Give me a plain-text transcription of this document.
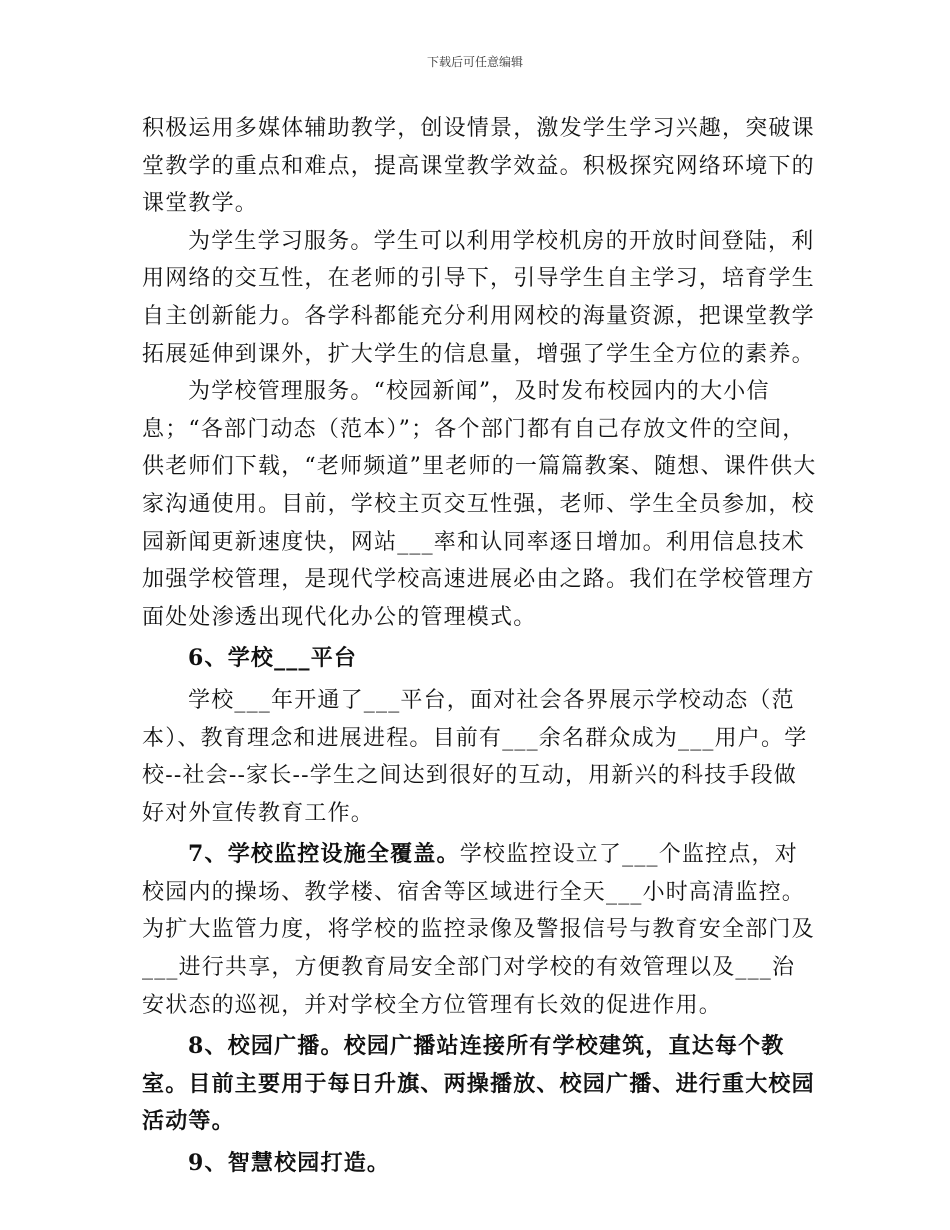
下载后可任意编辑

积极运用多媒体辅助教学，创设情景，激发学生学习兴趣，突破课堂教学的重点和难点，提高课堂教学效益。积极探究网络环境下的课堂教学。

为学生学习服务。学生可以利用学校机房的开放时间登陆，利用网络的交互性，在老师的引导下，引导学生自主学习，培育学生自主创新能力。各学科都能充分利用网校的海量资源，把课堂教学拓展延伸到课外，扩大学生的信息量，增强了学生全方位的素养。

为学校管理服务。“校园新闻”，及时发布校园内的大小信息；“各部门动态（范本）”；各个部门都有自己存放文件的空间，供老师们下载，“老师频道”里老师的一篇篇教案、随想、课件供大家沟通使用。目前，学校主页交互性强，老师、学生全员参加，校园新闻更新速度快，网站___率和认同率逐日增加。利用信息技术加强学校管理，是现代学校高速进展必由之路。我们在学校管理方面处处渗透出现代化办公的管理模式。

6、学校___平台

学校___年开通了___平台，面对社会各界展示学校动态（范本）、教育理念和进展进程。目前有___余名群众成为___用户。学校--社会--家长--学生之间达到很好的互动，用新兴的科技手段做好对外宣传教育工作。

7、学校监控设施全覆盖。学校监控设立了___个监控点，对校园内的操场、教学楼、宿舍等区域进行全天___小时高清监控。为扩大监管力度，将学校的监控录像及警报信号与教育安全部门及___进行共享，方便教育局安全部门对学校的有效管理以及___治安状态的巡视，并对学校全方位管理有长效的促进作用。

8、校园广播。校园广播站连接所有学校建筑，直达每个教室。目前主要用于每日升旗、两操播放、校园广播、进行重大校园活动等。

9、智慧校园打造。
